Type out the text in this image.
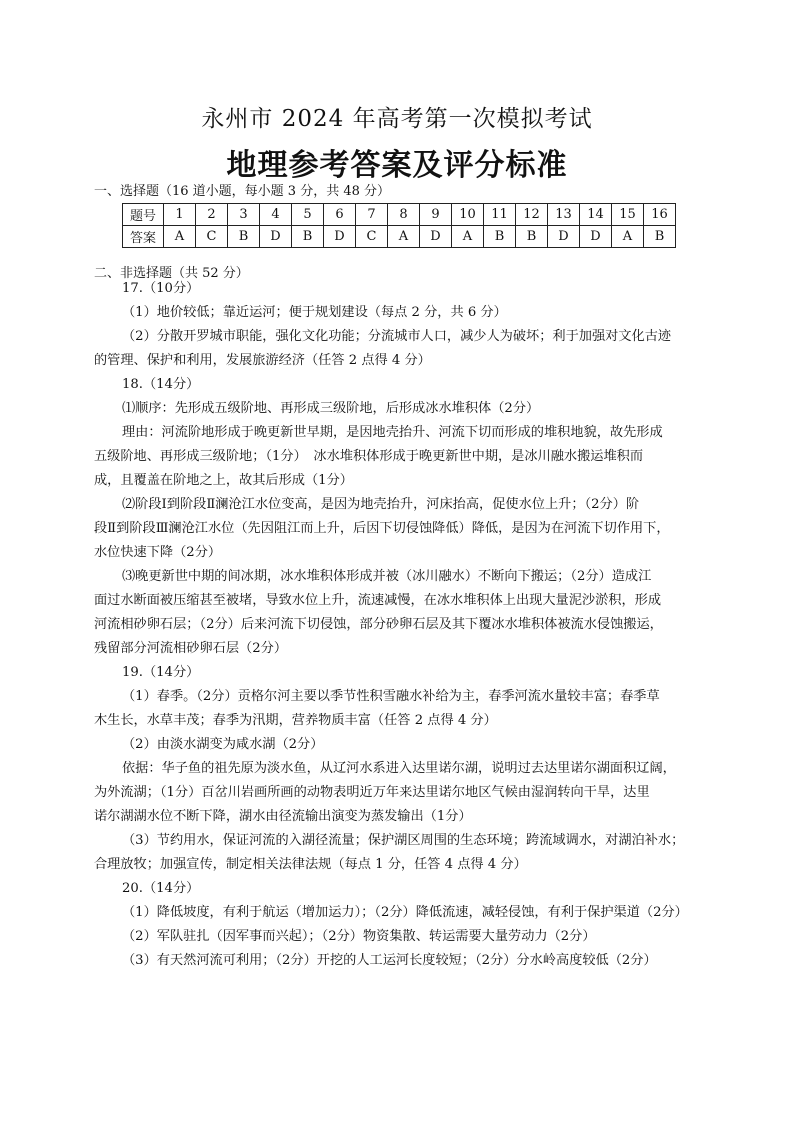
永州市 2024 年高考第一次模拟考试
地理参考答案及评分标准
一、选择题（16 道小题，每小题 3 分，共 48 分）
题号	1	2	3	4	5	6	7	8	9	10	11	12	13	14	15	16
答案	A	C	B	D	B	D	C	A	D	A	B	B	D	D	A	B
二、非选择题（共 52 分）
17.（10分）
（1）地价较低；靠近运河；便于规划建设（每点 2 分，共 6 分）
（2）分散开罗城市职能，强化文化功能；分流城市人口，减少人为破坏；利于加强对文化古迹
的管理、保护和利用，发展旅游经济（任答 2 点得 4 分）
18.（14分）
⑴顺序：先形成五级阶地、再形成三级阶地，后形成冰水堆积体（2分）
理由：河流阶地形成于晚更新世早期，是因地壳抬升、河流下切而形成的堆积地貌，故先形成
五级阶地、再形成三级阶地；（1分）　冰水堆积体形成于晚更新世中期，是冰川融水搬运堆积而
成，且覆盖在阶地之上，故其后形成（1分）
⑵阶段Ⅰ到阶段Ⅱ澜沧江水位变高，是因为地壳抬升，河床抬高，促使水位上升；（2分）阶
段Ⅱ到阶段Ⅲ澜沧江水位（先因阻江而上升，后因下切侵蚀降低）降低，是因为在河流下切作用下，
水位快速下降（2分）
⑶晚更新世中期的间冰期，冰水堆积体形成并被（冰川融水）不断向下搬运；（2分）造成江
面过水断面被压缩甚至被堵，导致水位上升，流速减慢，在冰水堆积体上出现大量泥沙淤积，形成
河流相砂卵石层；（2分）后来河流下切侵蚀，部分砂卵石层及其下覆冰水堆积体被流水侵蚀搬运，
残留部分河流相砂卵石层（2分）
19.（14分）
（1）春季。（2分）贡格尔河主要以季节性积雪融水补给为主，春季河流水量较丰富；春季草
木生长，水草丰茂；春季为汛期，营养物质丰富（任答 2 点得 4 分）
（2）由淡水湖变为咸水湖（2分）
依据：华子鱼的祖先原为淡水鱼，从辽河水系进入达里诺尔湖，说明过去达里诺尔湖面积辽阔，
为外流湖；（1分）百岔川岩画所画的动物表明近万年来达里诺尔地区气候由湿润转向干旱，达里
诺尔湖湖水位不断下降，湖水由径流输出演变为蒸发输出（1分）
（3）节约用水，保证河流的入湖径流量；保护湖区周围的生态环境；跨流域调水，对湖泊补水；
合理放牧；加强宣传，制定相关法律法规（每点 1 分，任答 4 点得 4 分）
20.（14分）
（1）降低坡度，有利于航运（增加运力）；（2分）降低流速，减轻侵蚀，有利于保护渠道（2分）
（2）军队驻扎（因军事而兴起）；（2分）物资集散、转运需要大量劳动力（2分）
（3）有天然河流可利用；（2分）开挖的人工运河长度较短；（2分）分水岭高度较低（2分）
